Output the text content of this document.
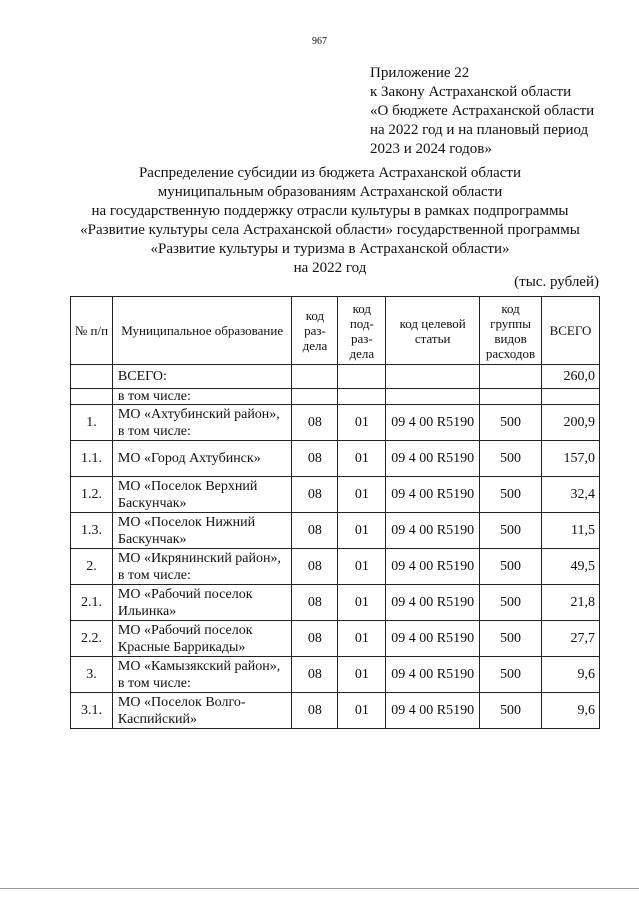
967
Приложение 22
к Закону Астраханской области
«О бюджете Астраханской области
на 2022 год и на плановый период
2023 и 2024 годов»
Распределение субсидии из бюджета Астраханской области
муниципальным образованиям Астраханской области
на государственную поддержку отрасли культуры в рамках подпрограммы
«Развитие культуры села Астраханской области» государственной программы
«Развитие культуры и туризма в Астраханской области»
на 2022 год
(тыс. рублей)
№ п/п	Муниципальное образование	код раз-дела	код под-раз-дела	код целевой статьи	код группы видов расходов	ВСЕГО
	ВСЕГО:					260,0
	в том числе:					
1.	МО «Ахтубинский район», в том числе:	08	01	09 4 00 R5190	500	200,9
1.1.	МО «Город Ахтубинск»	08	01	09 4 00 R5190	500	157,0
1.2.	МО «Поселок Верхний Баскунчак»	08	01	09 4 00 R5190	500	32,4
1.3.	МО «Поселок Нижний Баскунчак»	08	01	09 4 00 R5190	500	11,5
2.	МО «Икрянинский район», в том числе:	08	01	09 4 00 R5190	500	49,5
2.1.	МО «Рабочий поселок Ильинка»	08	01	09 4 00 R5190	500	21,8
2.2.	МО «Рабочий поселок Красные Баррикады»	08	01	09 4 00 R5190	500	27,7
3.	МО «Камызякский район», в том числе:	08	01	09 4 00 R5190	500	9,6
3.1.	МО «Поселок Волго-Каспийский»	08	01	09 4 00 R5190	500	9,6
